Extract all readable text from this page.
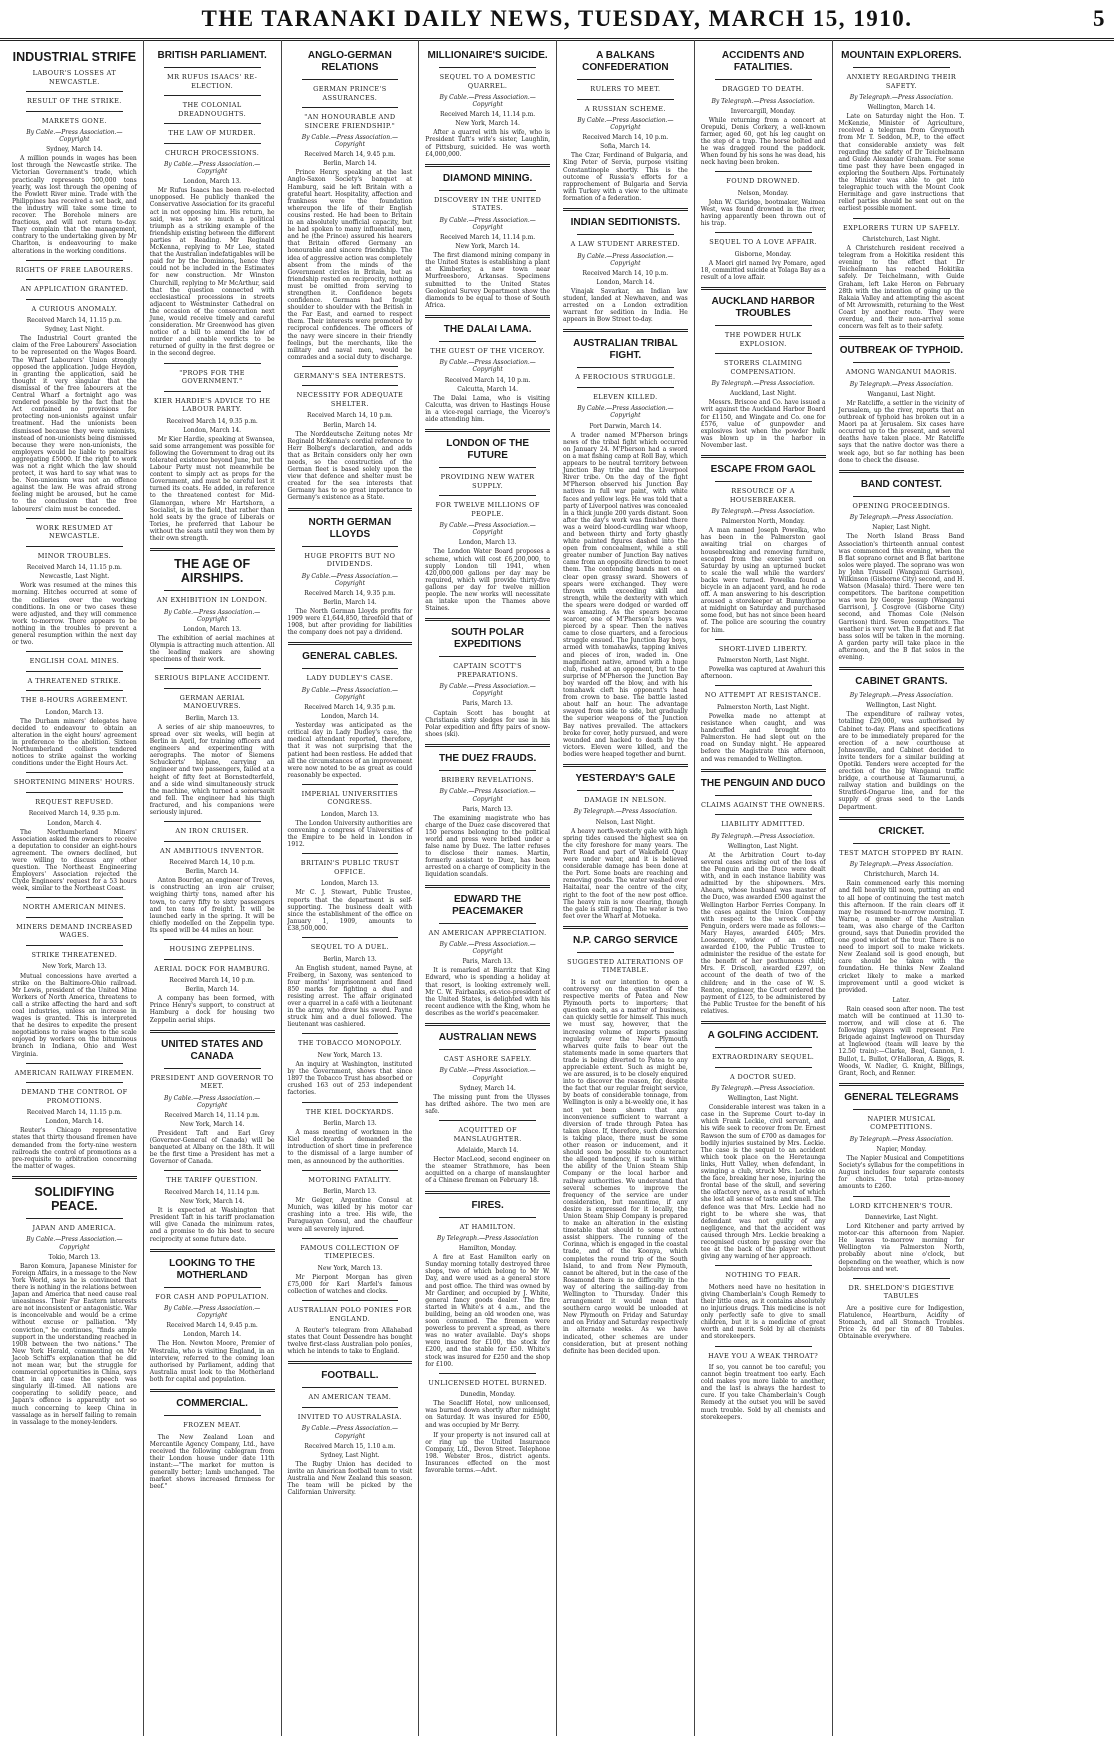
THE TARANAKI DAILY NEWS, TUESDAY, MARCH 15, 1910.	5
INDUSTRIAL STRIFE
LABOUR'S LOSSES AT NEWCASTLE.
RESULT OF THE STRIKE.
MARKETS GONE.
By Cable.—Press Association.—Copyright
Sydney, March 14.
A million pounds in wages has been lost through the Newcastle strike. The Victorian Government's trade, which practically represents 500,000 tons yearly, was lost through the opening of the Powlett River mine. Trade with the Philippines has received a set back, and the industry will take some time to recover. The Borehole miners are fractious, and will not return to-day. They complain that the management, contrary to the undertaking given by Mr Charlton, is endeavouring to make alterations in the working conditions.
RIGHTS OF FREE LABOURERS.
AN APPLICATION GRANTED.
A CURIOUS ANOMALY.
Received March 14, 11.15 p.m.
Sydney, Last Night.
The Industrial Court granted the claim of the Free Labourers' Association to be represented on the Wages Board. The Wharf Labourers' Union strongly opposed the application. Judge Heydon, in granting the application, said he thought it very singular that the dismissal of the free labourers at the Central Wharf a fortnight ago was rendered possible by the fact that the Act contained no provisions for protecting non-unionists against unfair treatment. Had the unionists been dismissed because they were unionists, instead of non-unionists being dismissed because they were non-unionists, the employers would be liable to penalties aggregating £5000. If the right to work was not a right which the law should protect, it was hard to say what was to be. Non-unionism was not an offence against the law. He was afraid strong feeling might be aroused, but he came to the conclusion that the free labourers' claim must be conceded.
WORK RESUMED AT NEWCASTLE.
MINOR TROUBLES.
Received March 14, 11.15 p.m.
Newcastle, Last Night.
Work was resumed at the mines this morning. Hitches occurred at some of the collieries over the working conditions. In one or two cases these were adjusted, and they will commence work to-morrow. There appears to be nothing in the troubles to prevent a general resumption within the next day or two.
ENGLISH COAL MINES.
A THREATENED STRIKE.
THE 8-HOURS AGREEMENT.
London, March 13.
The Durham miners' delegates have decided to endeavour to obtain an alteration in the eight hours' agreement in preference to the abolition. Sixteen Northumberland colliers tendered notices to strike against the working conditions under the Eight Hours Act.
SHORTENING MINERS' HOURS.
REQUEST REFUSED.
Received March 14, 9.35 p.m.
London, March 4.
The Northumberland Miners' Association asked the owners to receive a deputation to consider an eight-hours agreement. The owners declined, but were willing to discuss any other question. The Northeast Engineering Employers' Association rejected the Clyde Engineers' request for a 53 hours week, similar to the Northeast Coast.
NORTH AMERICAN MINES.
MINERS DEMAND INCREASED WAGES.
STRIKE THREATENED.
New York, March 13.
Mutual concessions have averted a strike on the Baltimore-Ohio railroad. Mr Lewis, president of the United Mine Workers of North America, threatens to call a strike affecting the hard and soft coal industries, unless an increase in wages is granted. This is interpreted that he desires to expedite the present negotiations to raise wages to the scale enjoyed by workers on the bituminous branch in Indiana, Ohio and West Virginia.
AMERICAN RAILWAY FIREMEN.
DEMAND THE CONTROL OF PROMOTIONS.
Received March 14, 11.15 p.m.
London, March 14.
Reuter's Chicago representative states that thirty thousand firemen have demanded from the forty-nine western railroads the control of promotions as a pre-requisite to arbitration concerning the matter of wages.
SOLIDIFYING PEACE.
JAPAN AND AMERICA.
By Cable.—Press Association.—Copyright
Tokio, March 13.
Baron Komura, Japanese Minister for Foreign Affairs, in a message to the New York World, says he is convinced that there is nothing in the relations between Japan and America that need cause real uneasiness. Their Far Eastern interests are not inconsistent or antagonistic. War is inconceivable and would be a crime without excuse or palliation. "My conviction," he continues, "finds ample support in the understanding reached in 1908 between the two nations." The New York Herald, commenting on Mr Jacob Schiff's explanation that he did not mean war, but the struggle for commercial opportunities in China, says that in any case the speech was singularly ill-timed. All nations are cooperating to solidify peace, and Japan's offence is apparently not so much concerning to keep China in vassalage as in herself failing to remain in vassalage to the money-lenders.
BRITISH PARLIAMENT.
MR RUFUS ISAACS' RE-ELECTION.
THE COLONIAL DREADNOUGHTS.
THE LAW OF MURDER.
CHURCH PROCESSIONS.
By Cable.—Press Association.—Copyright
London, March 13.
Mr Rufus Isaacs has been re-elected unopposed. He publicly thanked the Conservative Association for its graceful act in not opposing him. His return, he said, was not so much a political triumph as a striking example of the friendship existing between the different parties at Reading. Mr Reginald McKenna, replying to Mr Lee, stated that the Australian indefatigables will be paid for by the Dominions, hence they could not be included in the Estimates for new construction. Mr Winston Churchill, replying to Mr McArthur, said that the question connected with ecclesiastical processions in streets adjacent to Westminster Cathedral on the occasion of the consecration next June, would receive timely and careful consideration. Mr Greenwood has given notice of a bill to amend the law of murder and enable verdicts to be returned of guilty in the first degree or in the second degree.
"PROPS FOR THE GOVERNMENT."
KIER HARDIE'S ADVICE TO HE LABOUR PARTY.
Received March 14, 9.35 p.m.
London, March 14.
Mr Kier Hardie, speaking at Swansea, said some arrangement was possible for following the Government to drag out its tolerated existence beyond June, but the Labour Party must not meanwhile be content to simply act as props for the Government, and must be careful lest it turned its coats. He added, in reference to the threatened contest for Mid-Glamorgan, where Mr Hartshorn, a Socialist, is in the field, that rather than hold seats by the grace of Liberals or Tories, he preferred that Labour be without the seats until they won them by their own strength.
THE AGE OF AIRSHIPS.
AN EXHIBITION IN LONDON.
By Cable.—Press Association.—Copyright
London, March 13.
The exhibition of aerial machines at Olympia is attracting much attention. All the leading makers are showing specimens of their work.
SERIOUS BIPLANE ACCIDENT.
GERMAN AERIAL MANOEUVRES.
Berlin, March 13.
A series of air ship manoeuvres, to spread over six weeks, will begin at Berlin in April, for training officers and engineers and experimenting with aerographs. The motor of Siemens Schuckerts' biplane, carrying an engineer and two passengers, failed at a height of fifty feet at Bornstedterfeld, and a side wind simultaneously struck the machine, which turned a somersault and fell. The engineer had his thigh fractured, and his companions were seriously injured.
AN IRON CRUISER.
AN AMBITIOUS INVENTOR.
Received March 14, 10 p.m.
Berlin, March 14.
Anton Bourder, an engineer of Treves, is constructing an iron air cruiser, weighing thirty tons, named after his town, to carry fifty to sixty passengers and ten tons of freight. It will be launched early in the spring. It will be chiefly modelled on the Zeppelin type. Its speed will be 44 miles an hour.
HOUSING ZEPPELINS.
AERIAL DOCK FOR HAMBURG.
Received March 14, 10 p.m.
Berlin, March 14.
A company has been formed, with Prince Henry's support, to construct at Hamburg a dock for housing two Zeppelin aerial ships.
UNITED STATES AND CANADA
PRESIDENT AND GOVERNOR TO MEET.
By Cable.—Press Association.—Copyright
Received March 14, 11.14 p.m.
New York, March 14.
President Taft and Earl Grey (Governor-General of Canada) will be banqueted at Albany on the 18th. It will be the first time a President has met a Governor of Canada.
THE TARIFF QUESTION.
Received March 14, 11.14 p.m.
New York, March 14.
It is expected at Washington that President Taft in his tariff proclamation will give Canada the minimum rates, and a promise to do his best to secure reciprocity at some future date.
LOOKING TO THE MOTHERLAND
FOR CASH AND POPULATION.
By Cable.—Press Association.—Copyright
Received March 14, 9.45 p.m.
London, March 14.
The Hon. Newton Moore, Premier of Westralia, who is visiting England, in an interview, referred to the coming loan authorised by Parliament, adding that Australia must look to the Motherland both for capital and population.
COMMERCIAL.
FROZEN MEAT.
The New Zealand Loan and Mercantile Agency Company, Ltd., have received the following cablegram from their London house under date 11th instant:—"The market for mutton is generally better; lamb unchanged. The market shows increased firmness for beef."
ANGLO-GERMAN RELATIONS
GERMAN PRINCE'S ASSURANCES.
"AN HONOURABLE AND SINCERE FRIENDSHIP."
By Cable.—Press Association.—Copyright
Received March 14, 9.45 p.m.
Berlin, March 14.
Prince Henry, speaking at the last Anglo-Saxon Society's banquet at Hamburg, said he left Britain with a grateful heart. Hospitality, affection and frankness were the foundation whereupon the life of their English cousins rested. He had been to Britain in an absolutely unofficial capacity, but he had spoken to many influential men, and he (the Prince) assured his hearers that Britain offered Germany an honourable and sincere friendship. The idea of aggressive action was completely absent from the minds of the Government circles in Britain, but as friendship rested on reciprocity, nothing must be omitted from serving to strengthen it. Confidence begets confidence. Germans had fought shoulder to shoulder with the British in the Far East, and earned to respect them. Their interests were promoted by reciprocal confidences. The officers of the navy were sincere in their friendly feelings, but the merchants, like the military and naval men, would be comrades and a social duty to discharge.
GERMANY'S SEA INTERESTS.
NECESSITY FOR ADEQUATE SHELTER.
Received March 14, 10 p.m.
Berlin, March 14.
The Norddeutsche Zeitung notes Mr Reginald McKenna's cordial reference to Herr Bolberg's declaration, and adds that as Britain considers only her own needs, so the construction of the German fleet is based solely upon the view that defence and shelter must be created for the sea interests that Germany has to so great importance to Germany's existence as a State.
NORTH GERMAN LLOYDS
HUGE PROFITS BUT NO DIVIDENDS.
By Cable.—Press Association.—Copyright
Received March 14, 9.35 p.m.
Berlin, March 14.
The North German Lloyds profits for 1909 were £1,644,850, threefold that of 1908, but after providing for liabilities the company does not pay a dividend.
GENERAL CABLES.
LADY DUDLEY'S CASE.
By Cable.—Press Association.—Copyright
Received March 14, 9.35 p.m.
London, March 14.
Yesterday was anticipated as the critical day in Lady Dudley's case, the medical attendant reported, therefore, that it was not surprising that the patient had been restless. He added that all the circumstances of an improvement were now noted to be as great as could reasonably be expected.
IMPERIAL UNIVERSITIES CONGRESS.
London, March 13.
The London University authorities are convening a congress of Universities of the Empire to be held in London in 1912.
BRITAIN'S PUBLIC TRUST OFFICE.
London, March 13.
Mr C. J. Stewart, Public Trustee, reports that the department is self-supporting. The business dealt with since the establishment of the office on January 1, 1909, amounts to £38,500,000.
SEQUEL TO A DUEL.
Berlin, March 13.
An English student, named Payne, at Freiberg, in Saxony, was sentenced to four months' imprisonment and fined 850 marks for fighting a duel and resisting arrest. The affair originated over a quarrel in a café with a lieutenant in the army, who drew his sword. Payne struck him and a duel followed. The lieutenant was cashiered.
THE TOBACCO MONOPOLY.
New York, March 13.
An inquiry at Washington, instituted by the Government, shows that since 1897 the Tobacco Trust has absorbed or crushed 163 out of 253 independent factories.
THE KIEL DOCKYARDS.
Berlin, March 13.
A mass meeting of workmen in the Kiel dockyards demanded the introduction of short time in preference to the dismissal of a large number of men, as announced by the authorities.
MOTORING FATALITY.
Berlin, March 13.
Mr Geiger, Argentine Consul at Munich, was killed by his motor car crashing into a tree. His wife, the Paraguayan Consul, and the chauffeur were all severely injured.
FAMOUS COLLECTION OF TIMEPIECES.
New York, March 13.
Mr Pierpont Morgan has given £75,000 for Karl Marfel's famous collection of watches and clocks.
AUSTRALIAN POLO PONIES FOR ENGLAND.
A Reuter's telegram from Allahabad states that Count Dessendre has bought twelve first-class Australian polo ponies, which he intends to take to England.
FOOTBALL.
AN AMERICAN TEAM.
INVITED TO AUSTRALASIA.
By Cable.—Press Association.—Copyright
Received March 15, 1.10 a.m.
Sydney, Last Night.
The Rugby Union has decided to invite an American football team to visit Australia and New Zealand this season. The team will be picked by the Californian University.
MILLIONAIRE'S SUICIDE.
SEQUEL TO A DOMESTIC QUARREL.
By Cable.—Press Association.—Copyright
Received March 14, 11.14 p.m.
New York, March 14.
After a quarrel with his wife, who is President Taft's wife's sister, Laughlin, of Pittsburg, suicided. He was worth £4,000,000.
DIAMOND MINING.
DISCOVERY IN THE UNITED STATES.
By Cable.—Press Association.—Copyright
Received March 14, 11.14 p.m.
New York, March 14.
The first diamond mining company in the United States is establishing a plant at Kimberley, a new town near Murfreesboro, Arkansas. Specimens submitted to the United States Geological Survey Department show the diamonds to be equal to those of South Africa.
THE DALAI LAMA.
THE GUEST OF THE VICEROY.
By Cable.—Press Association.—Copyright
Received March 14, 10 p.m.
Calcutta, March 14.
The Dalai Lama, who is visiting Calcutta, was driven to Hastings House in a vice-regal carriage, the Viceroy's aide attending him.
LONDON OF THE FUTURE
PROVIDING NEW WATER SUPPLY.
FOR TWELVE MILLIONS OF PEOPLE.
By Cable.—Press Association.—Copyright
London, March 13.
The London Water Board proposes a scheme, which will cost £6,200,000, to supply London till 1941, when 420,000,000 gallons per day may be required, which will provide thirty-five gallons per day for twelve million people. The new works will necessitate an intake upon the Thames above Staines.
SOUTH POLAR EXPEDITIONS
CAPTAIN SCOTT'S PREPARATIONS.
By Cable.—Press Association.—Copyright
Paris, March 13.
Captain Scott has bought at Christiania sixty sledges for use in his Polar expedition and fifty pairs of snow-shoes (ski).
THE DUEZ FRAUDS.
BRIBERY REVELATIONS.
By Cable.—Press Association.—Copyright
Paris, March 13.
The examining magistrate who has charge of the Duez case discovered that 150 persons belonging to the political world and press were bribed under a false name by Duez. The latter refuses to disclose their names. Martin, formerly assistant to Duez, has been arrested on a charge of complicity in the liquidation scandals.
EDWARD THE PEACEMAKER
AN AMERICAN APPRECIATION.
By Cable.—Press Association.—Copyright
Paris, March 13.
It is remarked at Biarritz that King Edward, who is spending a holiday at that resort, is looking extremely well. Mr C. W. Fairbanks, ex-vice-president of the United States, is delighted with his recent audience with the King, whom he describes as the world's peacemaker.
AUSTRALIAN NEWS
CAST ASHORE SAFELY.
By Cable.—Press Association.—Copyright
Sydney, March 14.
The missing punt from the Ulysses has drifted ashore. The two men are safe.
ACQUITTED OF MANSLAUGHTER.
Adelaide, March 14.
Hector MacLeod, second engineer on the steamer Strathmore, has been acquitted on a charge of manslaughter of a Chinese fireman on February 18.
FIRES.
AT HAMILTON.
By Telegraph.—Press Association
Hamilton, Monday.
A fire at East Hamilton early on Sunday morning totally destroyed three shops, two of which belong to Mr W. Day, and were used as a general store and post office. The third was owned by Mr Gardiner, and occupied by J. White, general fancy goods dealer. The fire started in White's at 4 a.m., and the building, being an old wooden one, was soon consumed. The firemen were powerless to prevent a spread, as there was no water available. Day's shops were insured for £100, the stock for £200, and the stable for £50. White's stock was insured for £250 and the shop for £100.
UNLICENSED HOTEL BURNED.
Dunedin, Monday.
The Seacliff Hotel, now unlicensed, was burned down shortly after midnight on Saturday. It was insured for £500, and was occupied by Mr Berry.
If your property is not insured call at or ring up the United Insurance Company, Ltd., Devon Street. Telephone 198. Webster Bros., district agents. Insurances effected on the most favorable terms.—Advt.
A BALKANS CONFEDERATION
RULERS TO MEET.
A RUSSIAN SCHEME.
By Cable.—Press Association.—Copyright
Received March 14, 10 p.m.
Sofia, March 14.
The Czar, Ferdinand of Bulgaria, and King Peter of Servia, purpose visiting Constantinople shortly. This is the outcome of Russia's efforts for a rapprochement of Bulgaria and Servia with Turkey with a view to the ultimate formation of a federation.
INDIAN SEDITIONISTS.
A LAW STUDENT ARRESTED.
By Cable.—Press Association.—Copyright
Received March 14, 10 p.m.
London, March 14.
Vinajak Savarkar, an Indian law student, landed at Newhaven, and was arrested on a London extradition warrant for sedition in India. He appears in Bow Street to-day.
AUSTRALIAN TRIBAL FIGHT.
A FEROCIOUS STRUGGLE.
ELEVEN KILLED.
By Cable.—Press Association.—Copyright
Port Darwin, March 14.
A trader named M'Pherson brings news of the tribal fight which occurred on January 24. M'Pherson had a sword on a mat fishing camp at Roll Bay, which appears to be neutral territory between Junction Bay tribe and the Liverpool River tribe. On the day of the fight M'Pherson observed his Junction Bay natives in full war paint, with white faces and yellow legs. He was told that a party of Liverpool natives was concealed in a thick jungle 200 yards distant. Soon after the day's work was finished there was a weird blood-curdling war whoop, and between thirty and forty ghastly white painted figures dashed into the open from concealment, while a still greater number of Junction Bay natives came from an opposite direction to meet them. The contending bands met on a clear open grassy sward. Showers of spears were exchanged. They were thrown with exceeding skill and strength, while the dexterity with which the spears were dodged or warded off was amazing. As the spears became scarcer, one of M'Pherson's boys was pierced by a spear. Then the natives came to close quarters, and a ferocious struggle ensued. The Junction Bay boys, armed with tomahawks, tapping knives and pieces of iron, waded in. One magnificent native, armed with a huge club, rushed at an opponent, but to the surprise of M'Pherson the Junction Bay boy warded off the blow, and with his tomahawk cleft his opponent's head from crown to base. The battle lasted about half an hour. The advantage swayed from side to side, but gradually the superior weapons of the Junction Bay natives prevailed. The attackers broke for cover, hotly pursued, and were wounded and hacked to death by the victors. Eleven were killed, and the bodies were heaped together and burnt.
YESTERDAY'S GALE
DAMAGE IN NELSON.
By Telegraph.—Press Association.
Nelson, Last Night.
A heavy north-westerly gale with high spring tides caused the highest sea on the city foreshore for many years. The Port Road and part of Wakefield Quay were under water, and it is believed considerable damage has been done at the Port. Some boats are reaching and removing goods. The water washed over Haitaitai, near the centre of the city, right to the foot of the new post office. The heavy rain is now clearing, though the gale is still raging. The water is two feet over the Wharf at Motueka.
N.P. CARGO SERVICE
SUGGESTED ALTERATIONS OF TIMETABLE.
It is not our intention to open a controversy on the question of the respective merits of Patea and New Plymouth ports to importers; that question each, as a matter of business, can quickly settle for himself. This much we must say, however, that the increasing volume of imports passing regularly over the New Plymouth wharves quite fails to bear out the statements made in some quarters that trade is being diverted to Patea to any appreciable extent. Such as might be, we are assured, is to be closely enquired into to discover the reason, for, despite the fact that our regular freight service, by boats of considerable tonnage, from Wellington is only a bi-weekly one, it has not yet been shown that any inconvenience sufficient to warrant a diversion of trade through Patea has taken place. If, therefore, such diversion is taking place, there must be some other reason or inducement, and it should soon be possible to counteract the alleged tendency, if such is within the ability of the Union Steam Ship Company or the local harbor and railway authorities. We understand that several schemes to improve the frequency of the service are under consideration, but meantime, if any desire is expressed for it locally, the Union Steam Ship Company is prepared to make an alteration in the existing timetable that should to some extent assist shippers. The running of the Corinna, which is engaged in the coastal trade, and of the Koonya, which completes the round trip of the South Island, to and from New Plymouth, cannot be altered, but in the case of the Rosamond there is no difficulty in the way of altering the sailing-day from Wellington to Thursday. Under this arrangement it would mean that southern cargo would be unloaded at New Plymouth on Friday and Saturday and on Friday and Saturday respectively in alternate weeks. As we have indicated, other schemes are under consideration, but at present nothing definite has been decided upon.
ACCIDENTS AND FATALITIES.
DRAGGED TO DEATH.
By Telegraph.—Press Association.
Invercargill, Monday.
While returning from a concert at Orepuki, Denis Corkery, a well-known farmer, aged 60, got his leg caught on the step of a trap. The horse bolted and he was dragged round the paddock. When found by his sons he was dead, his neck having been broken.
FOUND DROWNED.
Nelson, Monday.
John W. Claridge, bootmaker, Waimea West, was found drowned in the river, having apparently been thrown out of his trap.
SEQUEL TO A LOVE AFFAIR.
Gisborne, Monday.
A Maori girl named Ivy Pomare, aged 18, committed suicide at Tolaga Bay as a result of a love affair.
AUCKLAND HARBOR TROUBLES
THE POWDER HULK EXPLOSION.
STORERS CLAIMING COMPENSATION.
By Telegraph.—Press Association.
Auckland, Last Night.
Messrs. Briscoe and Co. have issued a writ against the Auckland Harbor Board for £1150, and Wingate and Co. one for £576, value of gunpowder and explosives lost when the powder hulk was blown up in the harbor in November last.
ESCAPE FROM GAOL
RESOURCE OF A HOUSEBREAKER.
By Telegraph.—Press Association.
Palmerston North, Monday.
A man named Joseph Powelka, who has been in the Palmerston gaol awaiting trial on charges of housebreaking and removing furniture, escaped from the exercise yard on Saturday by using an upturned bucket to scale the wall while the warders' backs were turned. Powelka found a bicycle in an adjacent yard, and he rode off. A man answering to his description aroused a storekeeper at Bunnythorpe at midnight on Saturday and purchased some food, but has not since been heard of. The police are scouring the country for him.
SHORT-LIVED LIBERTY.
Palmerston North, Last Night.
Powelka was captured at Awahuri this afternoon.
NO ATTEMPT AT RESISTANCE.
Palmerston North, Last Night.
Powelka made no attempt at resistance when caught, and was handcuffed and brought into Palmerston. He had slept out on the road on Sunday night. He appeared before the Magistrate this afternoon, and was remanded to Wellington.
THE PENGUIN AND DUCO
CLAIMS AGAINST THE OWNERS.
LIABILITY ADMITTED.
By Telegraph.—Press Association.
Wellington, Last Night.
At the Arbitration Court to-day several cases arising out of the loss of the Penguin and the Duco were dealt with, and in each instance liability was admitted by the shipowners. Mrs. Ahearn, whose husband was master of the Duco, was awarded £500 against the Wellington Harbor Ferries Company. In the cases against the Union Company with respect to the wreck of the Penguin, orders were made as follows:—Mary Hayes, awarded £405; Mrs. Loosemore, widow of an officer, awarded £100, the Public Trustee to administer the residue of the estate for the benefit of her posthumous child; Mrs. F. Driscoll, awarded £297, on account of the death of two of the children; and in the case of W. S. Renton, engineer, the Court ordered the payment of £125, to be administered by the Public Trustee for the benefit of his relatives.
A GOLFING ACCIDENT.
EXTRAORDINARY SEQUEL.
A DOCTOR SUED.
By Telegraph.—Press Association.
Wellington, Last Night.
Considerable interest was taken in a case in the Supreme Court to-day in which Frank Leckie, civil servant, and his wife seek to recover from Dr. Ernest Rawson the sum of £700 as damages for bodily injuries sustained by Mrs. Leckie. The case is the sequel to an accident which took place on the Heretaunga links, Hutt Valley, when defendant, in swinging a club, struck Mrs. Leckie on the face, breaking her nose, injuring the frontal base of the skull, and severing the olfactory nerve, as a result of which she lost all sense of taste and smell. The defence was that Mrs. Leckie had no right to be where she was, that defendant was not guilty of any negligence, and that the accident was caused through Mrs. Leckie breaking a recognised custom by passing over the tee at the back of the player without giving any warning of her approach.
NOTHING TO FEAR.
Mothers need have no hesitation in giving Chamberlain's Cough Remedy to their little ones, as it contains absolutely no injurious drugs. This medicine is not only perfectly safe to give to small children, but it is a medicine of great worth and merit. Sold by all chemists and storekeepers.
HAVE YOU A WEAK THROAT?
If so, you cannot be too careful; you cannot begin treatment too early. Each cold makes you more liable to another, and the last is always the hardest to cure. If you take Chamberlain's Cough Remedy at the outset you will be saved much trouble. Sold by all chemists and storekeepers.
MOUNTAIN EXPLORERS.
ANXIETY REGARDING THEIR SAFETY.
By Telegraph.—Press Association.
Wellington, March 14.
Late on Saturday night the Hon. T. McKenzie, Minister of Agriculture, received a telegram from Greymouth from Mr T. Seddon, M.P., to the effect that considerable anxiety was felt regarding the safety of Dr Teichelmann and Guide Alexander Graham. For some time past they have been engaged in exploring the Southern Alps. Fortunately the Minister was able to get into telegraphic touch with the Mount Cook Hermitage and gave instructions that relief parties should be sent out on the earliest possible moment.
EXPLORERS TURN UP SAFELY.
Christchurch, Last Night.
A Christchurch resident received a telegram from a Hokitika resident this evening to the effect that Dr Teichelmann has reached Hokitika safely. Dr Teichelmann, with Guide Graham, left Lake Heron on February 28th with the intention of going up the Rakaia Valley and attempting the ascent of Mt Arrowsmith, returning to the West Coast by another route. They were overdue, and their non-arrival some concern was felt as to their safety.
OUTBREAK OF TYPHOID.
AMONG WANGANUI MAORIS.
By Telegraph.—Press Association.
Wanganui, Last Night.
Mr Ratcliffe, a settler in the vicinity of Jerusalem, up the river, reports that an outbreak of typhoid has broken out in a Maori pa at Jerusalem. Six cases have occurred up to the present, and several deaths have taken place. Mr Ratcliffe says that the native doctor was there a week ago, but so far nothing has been done to check the disease.
BAND CONTEST.
OPENING PROCEEDINGS.
By Telegraph.—Press Association.
Napier, Last Night.
The North Island Brass Band Association's thirteenth annual contest was commenced this evening, when the B flat soprano cornet and B flat baritone solos were played. The soprano was won by John Trussell (Wanganui Garrison), Wilkinson (Gisborne City) second, and H. Watson (Masala) third. There were ten competitors. The baritone competition was won by George Jessup (Wanganui Garrison), J. Cosgrove (Gisborne City) second, and Thomas Cole (Nelson Garrison) third. Seven competitors. The weather is very wet. The B flat and E flat bass solos will be taken in the morning. A garden party will take place in the afternoon, and the B flat solos in the evening.
CABINET GRANTS.
By Telegraph.—Press Association.
Wellington, Last Night.
The expenditure of railway votes, totalling £29,000, was authorised by Cabinet to-day. Plans and specifications are to be immediately prepared for the erection of a new courthouse at Johnsonville, and Cabinet decided to invite tenders for a similar building at Opotiki. Tenders were accepted for the erection of the big Wanganui traffic bridge, a courthouse at Taumarunui, a railway station and buildings on the Stratford-Ongarue line, and for the supply of grass seed to the Lands Department.
CRICKET.
TEST MATCH STOPPED BY RAIN.
By Telegraph.—Press Association.
Christchurch, March 14.
Rain commenced early this morning and fell heavily till noon, putting an end to all hope of continuing the test match this afternoon. If the rain clears off it may be resumed to-morrow morning. T. Warne, a member of the Australian team, was also charge of the Carlton ground, says that Dunedin provided the one good wicket of the tour. There is no need to import soil to make wickets. New Zealand soil is good enough, but care should be taken with the foundation. He thinks New Zealand cricket likely to make a marked improvement until a good wicket is provided.
Later.
Rain ceased soon after noon. The test match will be continued at 11.30 to-morrow, and will close at 6. The following players will represent Fire Brigade against Inglewood on Thursday at Inglewood (team will leave by the 12.50 train):—Clarke, Beal, Gannon, I. Bullot, L. Bullot, O'Halloran, A. Biggs, R. Woods, W. Nadler, G. Knight, Billings, Grant, Roch, and Renner.
GENERAL TELEGRAMS
NAPIER MUSICAL COMPETITIONS.
By Telegraph.—Press Association.
Napier, Monday.
The Napier Musical and Competitions Society's syllabus for the competitions in August includes four separate contests for choirs. The total prize-money amounts to £260.
LORD KITCHENER'S TOUR.
Dannevirke, Last Night.
Lord Kitchener and party arrived by motor-car this afternoon from Napier. He leaves to-morrow morning for Wellington via Palmerston North, probably about nine o'clock, but depending on the weather, which is now boisterous and wet.
DR. SHELDON'S DIGESTIVE TABULES
Are a positive cure for Indigestion, Flatulence, Heartburn, Acidity of Stomach, and all Stomach Troubles. Price 2s 6d per tin of 80 Tabules. Obtainable everywhere.
